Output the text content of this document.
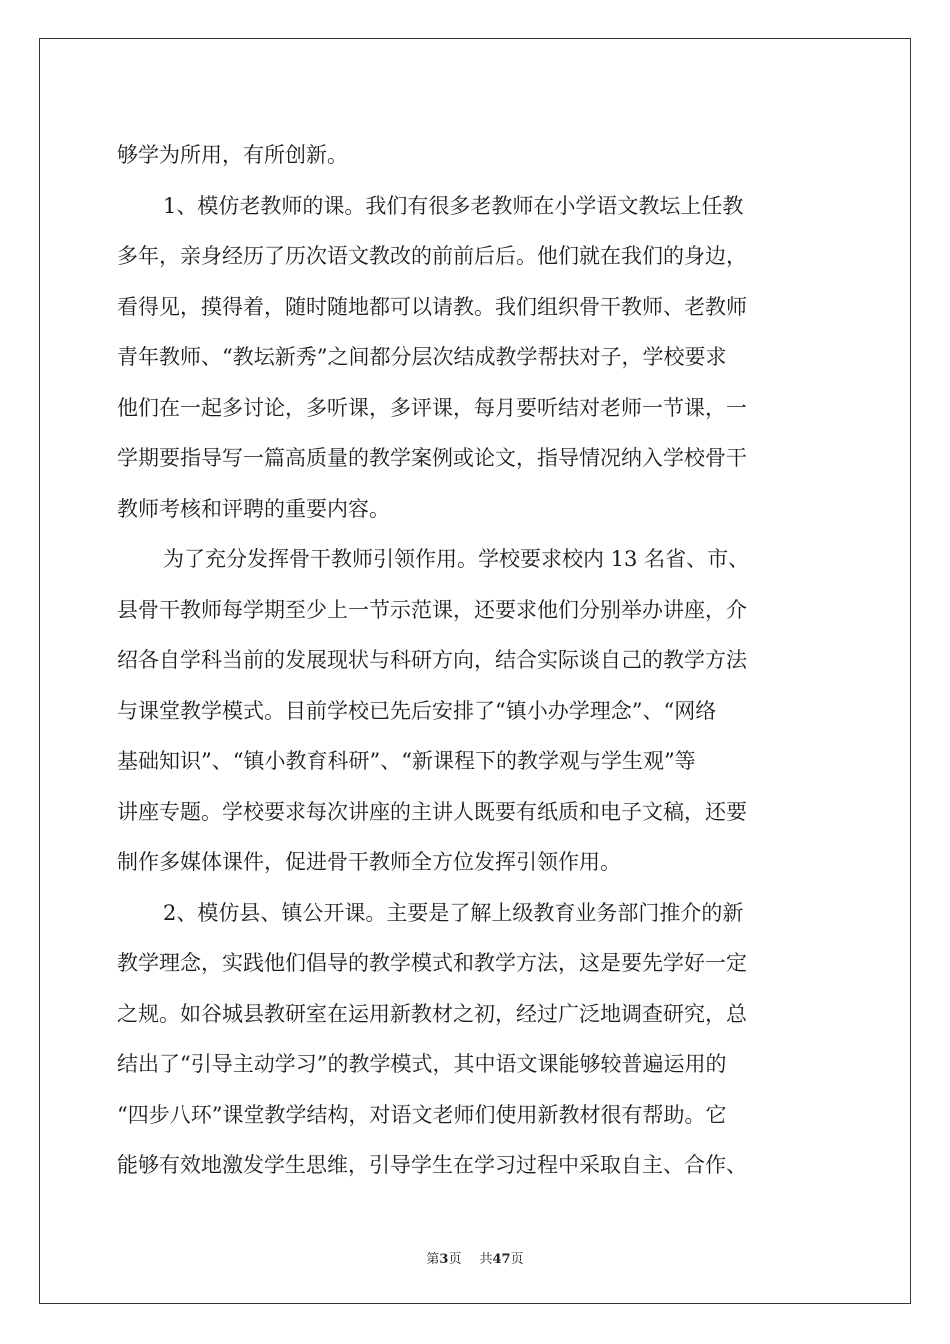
够学为所用，有所创新。
1、模仿老教师的课。我们有很多老教师在小学语文教坛上任教
多年，亲身经历了历次语文教改的前前后后。他们就在我们的身边，
看得见，摸得着，随时随地都可以请教。我们组织骨干教师、老教师
青年教师、“教坛新秀”之间都分层次结成教学帮扶对子，学校要求
他们在一起多讨论，多听课，多评课，每月要听结对老师一节课，一
学期要指导写一篇高质量的教学案例或论文，指导情况纳入学校骨干
教师考核和评聘的重要内容。
为了充分发挥骨干教师引领作用。学校要求校内 13 名省、市、
县骨干教师每学期至少上一节示范课，还要求他们分别举办讲座，介
绍各自学科当前的发展现状与科研方向，结合实际谈自己的教学方法
与课堂教学模式。目前学校已先后安排了“镇小办学理念”、“网络
基础知识”、“镇小教育科研”、“新课程下的教学观与学生观”等
讲座专题。学校要求每次讲座的主讲人既要有纸质和电子文稿，还要
制作多媒体课件，促进骨干教师全方位发挥引领作用。
2、模仿县、镇公开课。主要是了解上级教育业务部门推介的新
教学理念，实践他们倡导的教学模式和教学方法，这是要先学好一定
之规。如谷城县教研室在运用新教材之初，经过广泛地调查研究，总
结出了“引导主动学习”的教学模式，其中语文课能够较普遍运用的
“四步八环”课堂教学结构，对语文老师们使用新教材很有帮助。它
能够有效地激发学生思维，引导学生在学习过程中采取自主、合作、
第3页 共47页
